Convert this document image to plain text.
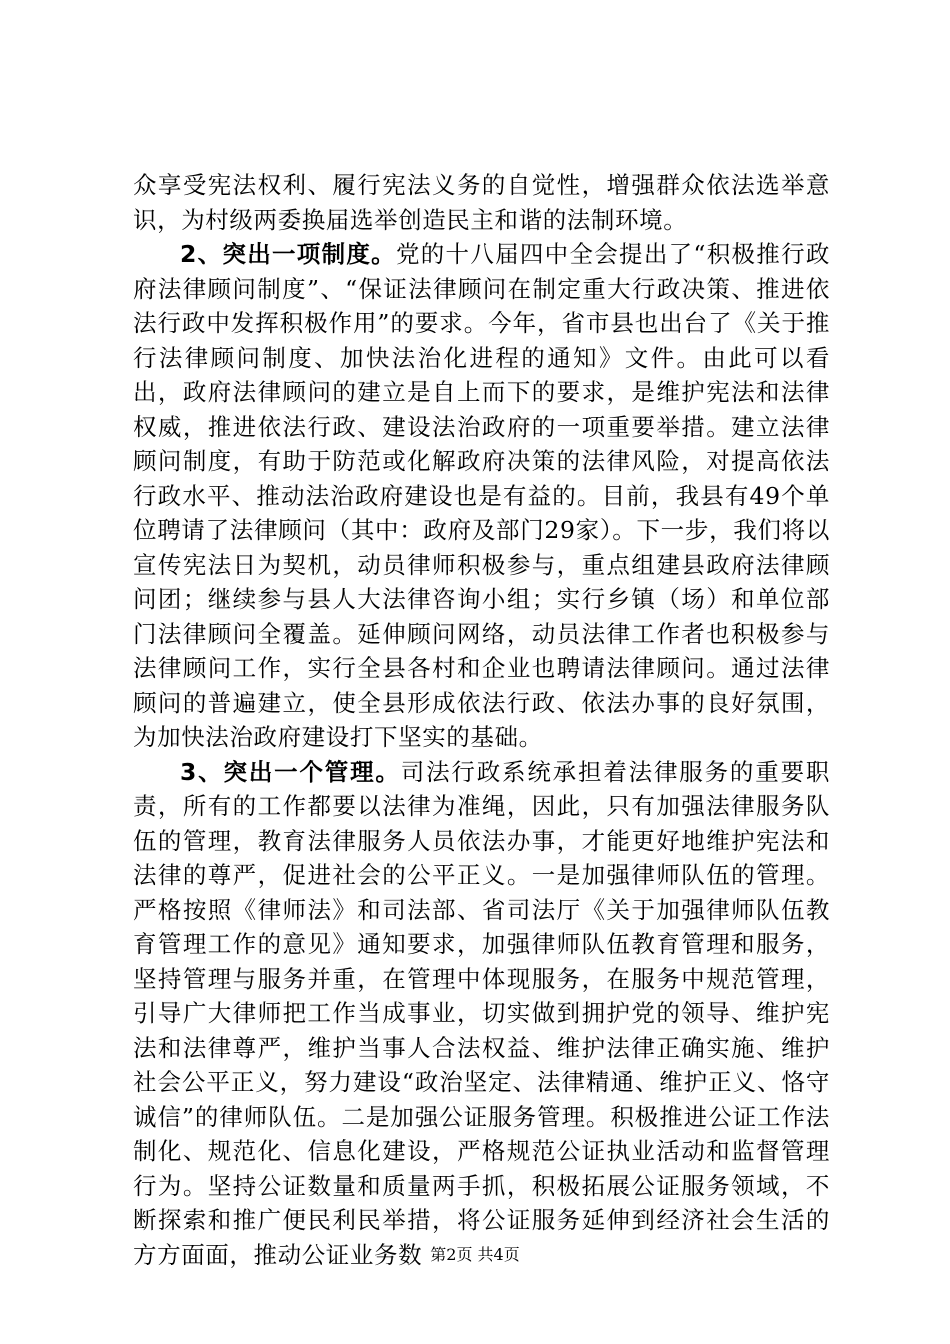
众享受宪法权利、履行宪法义务的自觉性，增强群众依法选举意识，为村级两委换届选举创造民主和谐的法制环境。

2、突出一项制度。党的十八届四中全会提出了“积极推行政府法律顾问制度”、“保证法律顾问在制定重大行政决策、推进依法行政中发挥积极作用”的要求。今年，省市县也出台了《关于推行法律顾问制度、加快法治化进程的通知》文件。由此可以看出，政府法律顾问的建立是自上而下的要求，是维护宪法和法律权威，推进依法行政、建设法治政府的一项重要举措。建立法律顾问制度，有助于防范或化解政府决策的法律风险，对提高依法行政水平、推动法治政府建设也是有益的。目前，我县有49个单位聘请了法律顾问（其中：政府及部门29家）。下一步，我们将以宣传宪法日为契机，动员律师积极参与，重点组建县政府法律顾问团；继续参与县人大法律咨询小组；实行乡镇（场）和单位部门法律顾问全覆盖。延伸顾问网络，动员法律工作者也积极参与法律顾问工作，实行全县各村和企业也聘请法律顾问。通过法律顾问的普遍建立，使全县形成依法行政、依法办事的良好氛围，为加快法治政府建设打下坚实的基础。

3、突出一个管理。司法行政系统承担着法律服务的重要职责，所有的工作都要以法律为准绳，因此，只有加强法律服务队伍的管理，教育法律服务人员依法办事，才能更好地维护宪法和法律的尊严，促进社会的公平正义。一是加强律师队伍的管理。严格按照《律师法》和司法部、省司法厅《关于加强律师队伍教育管理工作的意见》通知要求，加强律师队伍教育管理和服务，坚持管理与服务并重，在管理中体现服务，在服务中规范管理，引导广大律师把工作当成事业，切实做到拥护党的领导、维护宪法和法律尊严，维护当事人合法权益、维护法律正确实施、维护社会公平正义，努力建设“政治坚定、法律精通、维护正义、恪守诚信”的律师队伍。二是加强公证服务管理。积极推进公证工作法制化、规范化、信息化建设，严格规范公证执业活动和监督管理行为。坚持公证数量和质量两手抓，积极拓展公证服务领域，不断探索和推广便民利民举措，将公证服务延伸到经济社会生活的方方面面，推动公证业务数 第2页 共4页
